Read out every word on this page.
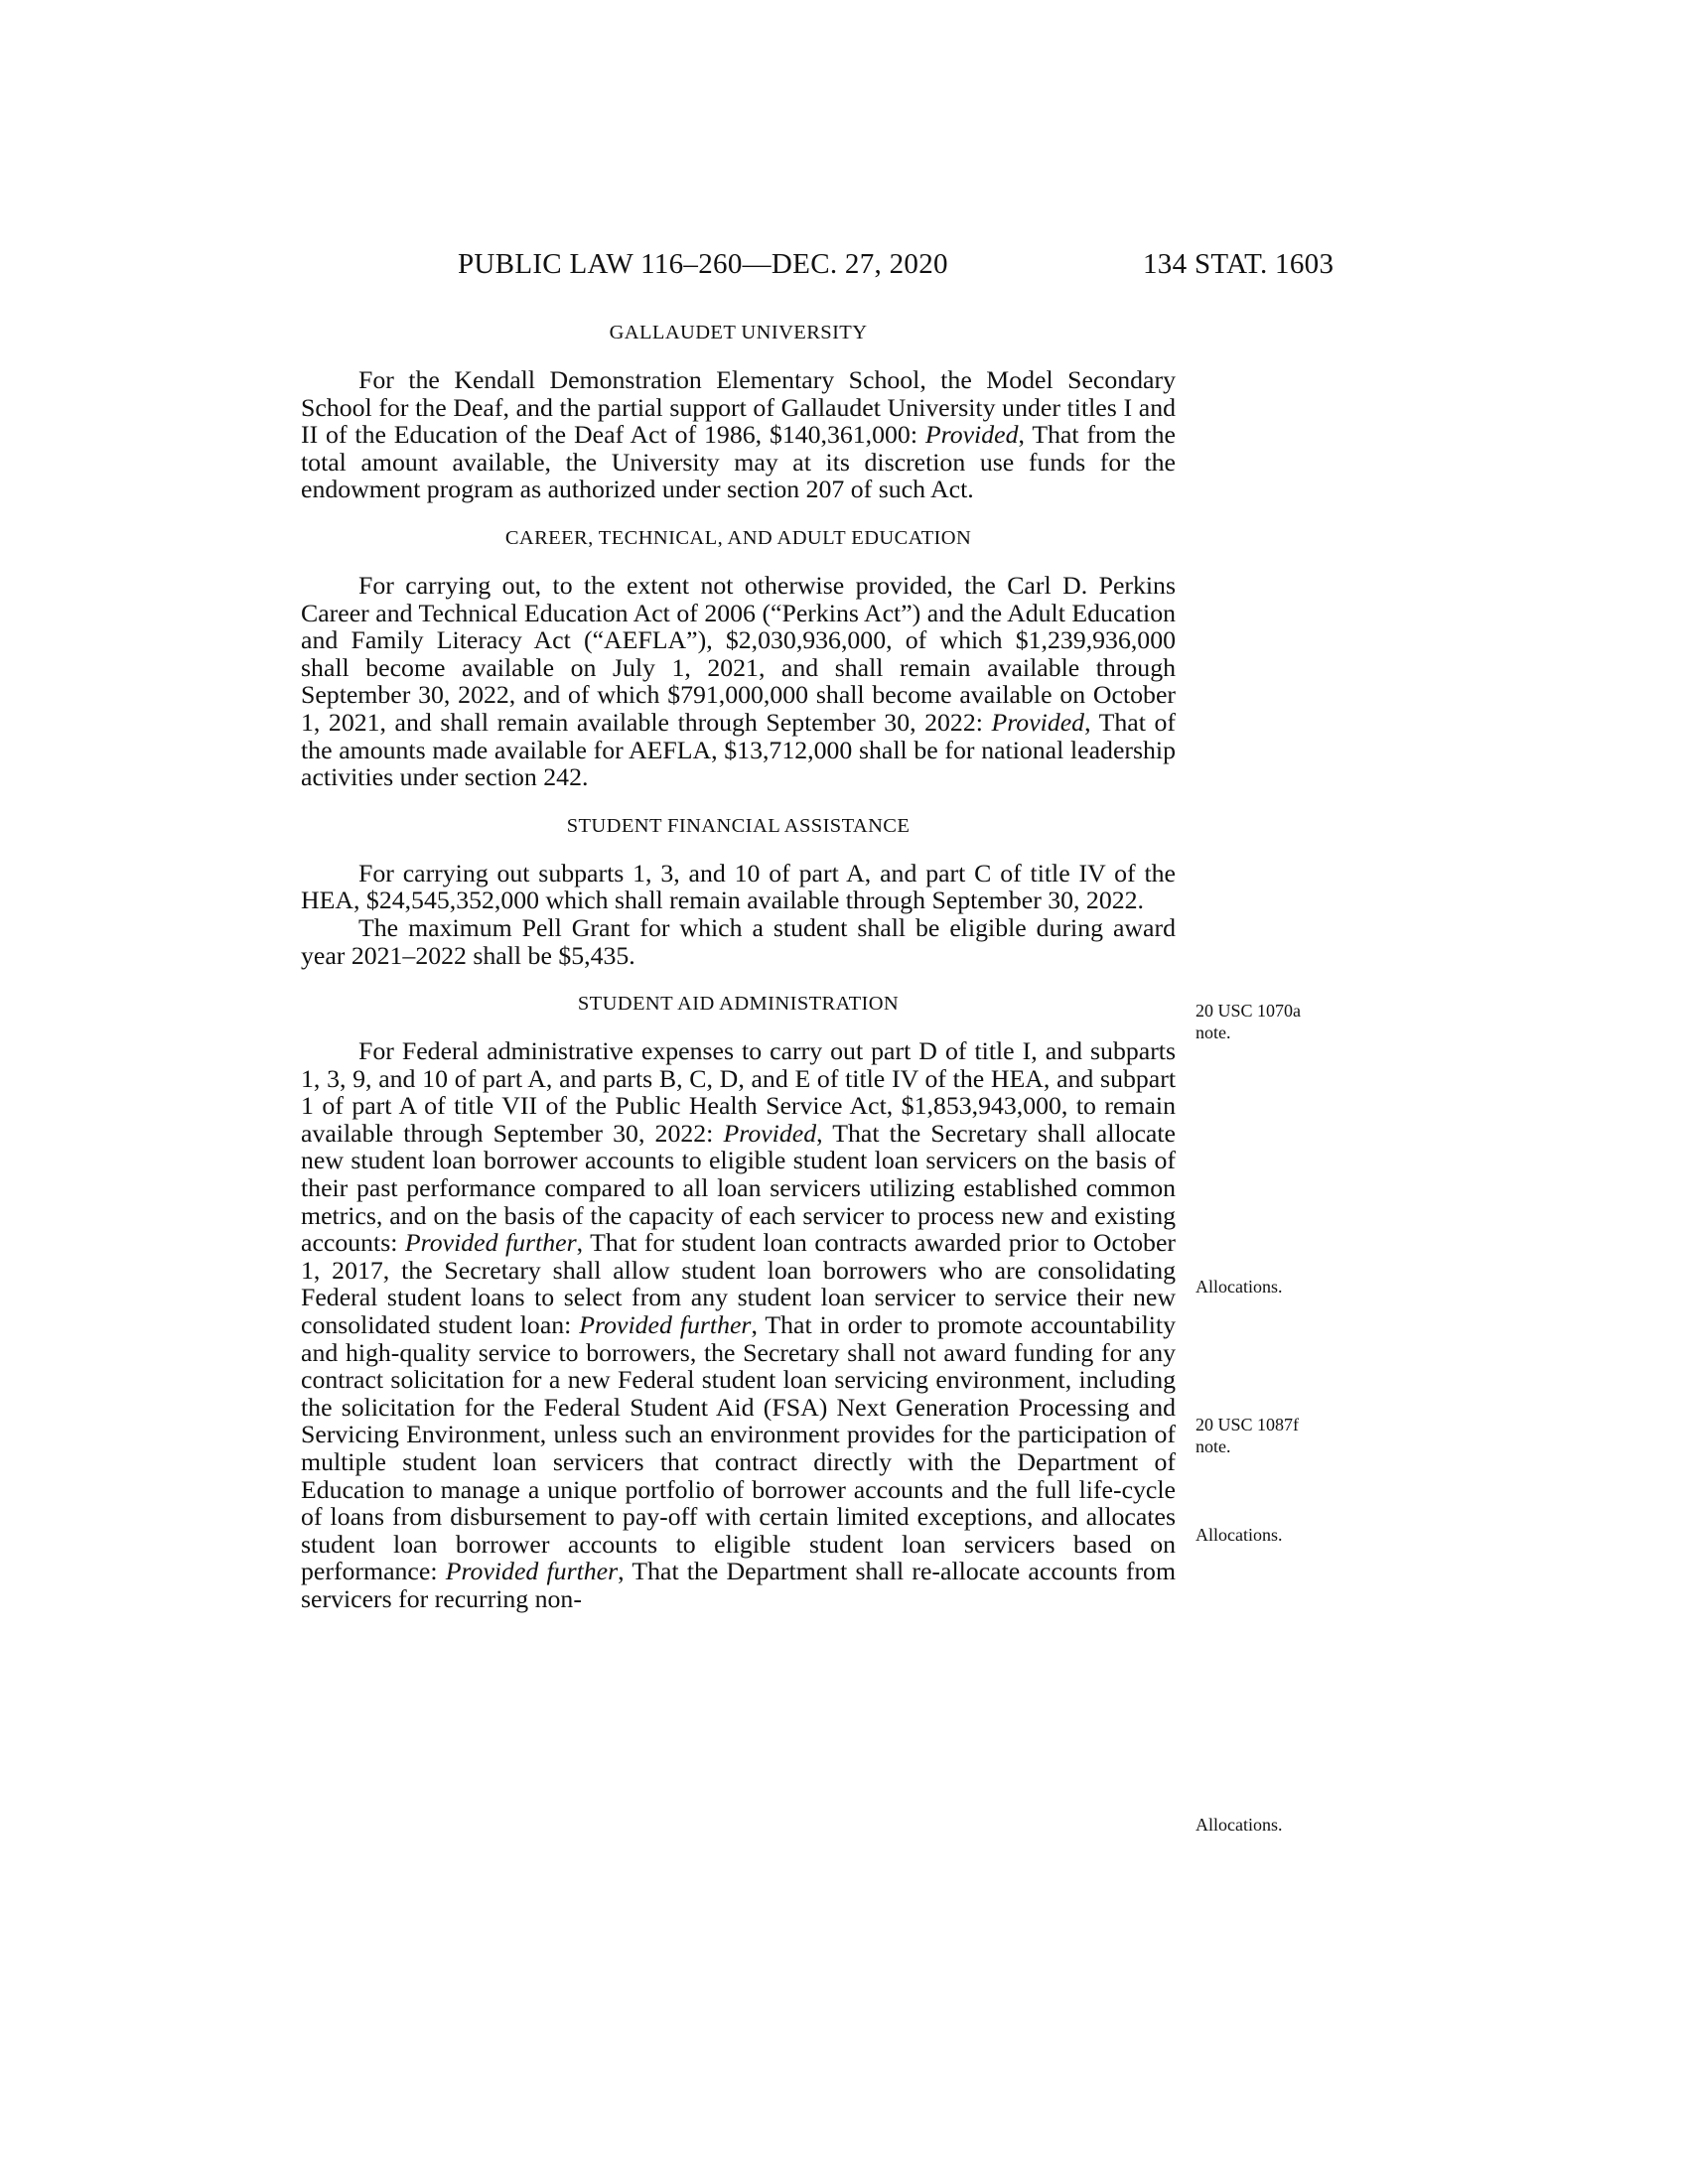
PUBLIC LAW 116–260—DEC. 27, 2020	134 STAT. 1603
GALLAUDET UNIVERSITY

For the Kendall Demonstration Elementary School, the Model Secondary School for the Deaf, and the partial support of Gallaudet University under titles I and II of the Education of the Deaf Act of 1986, $140,361,000: Provided, That from the total amount available, the University may at its discretion use funds for the endowment program as authorized under section 207 of such Act.

CAREER, TECHNICAL, AND ADULT EDUCATION

For carrying out, to the extent not otherwise provided, the Carl D. Perkins Career and Technical Education Act of 2006 (“Perkins Act”) and the Adult Education and Family Literacy Act (“AEFLA”), $2,030,936,000, of which $1,239,936,000 shall become available on July 1, 2021, and shall remain available through September 30, 2022, and of which $791,000,000 shall become available on October 1, 2021, and shall remain available through September 30, 2022: Provided, That of the amounts made available for AEFLA, $13,712,000 shall be for national leadership activities under section 242.

STUDENT FINANCIAL ASSISTANCE

For carrying out subparts 1, 3, and 10 of part A, and part C of title IV of the HEA, $24,545,352,000 which shall remain available through September 30, 2022.

The maximum Pell Grant for which a student shall be eligible during award year 2021–2022 shall be $5,435.

STUDENT AID ADMINISTRATION

For Federal administrative expenses to carry out part D of title I, and subparts 1, 3, 9, and 10 of part A, and parts B, C, D, and E of title IV of the HEA, and subpart 1 of part A of title VII of the Public Health Service Act, $1,853,943,000, to remain available through September 30, 2022: Provided, That the Secretary shall allocate new student loan borrower accounts to eligible student loan servicers on the basis of their past performance compared to all loan servicers utilizing established common metrics, and on the basis of the capacity of each servicer to process new and existing accounts: Provided further, That for student loan contracts awarded prior to October 1, 2017, the Secretary shall allow student loan borrowers who are consolidating Federal student loans to select from any student loan servicer to service their new consolidated student loan: Provided further, That in order to promote accountability and high-quality service to borrowers, the Secretary shall not award funding for any contract solicitation for a new Federal student loan servicing environment, including the solicitation for the Federal Student Aid (FSA) Next Generation Processing and Servicing Environment, unless such an environment provides for the participation of multiple student loan servicers that contract directly with the Department of Education to manage a unique portfolio of borrower accounts and the full life-cycle of loans from disbursement to pay-off with certain limited exceptions, and allocates student loan borrower accounts to eligible student loan servicers based on performance: Provided further, That the Department shall re-allocate accounts from servicers for recurring non-

20 USC 1070a
note.
Allocations.
20 USC 1087f
note.
Allocations.
Allocations.
